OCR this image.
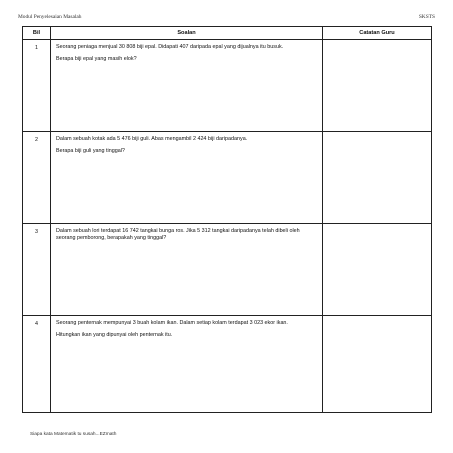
Modul Penyelesaian Masalah	SKSTS
Bil	Soalan	Catatan Guru
1	Seorang peniaga menjual 30 808 biji epal. Didapati 407 daripada epal yang dijualnya itu busuk.

Berapa biji epal yang masih elok?	

2	Dalam sebuah kotak ada 5 476 biji guli. Abas mengambil 2 424 biji daripadanya.

Berapa biji guli yang tinggal?	

3	Dalam sebuah lori terdapat 16 742 tangkai bunga ros. Jika 5 312 tangkai daripadanya telah dibeli oleh seorang pemborong, berapakah yang tinggal?	

4	Seorang penternak mempunyai 3 buah kolam ikan. Dalam setiap kolam terdapat 3 023 ekor ikan.

Hitungkan ikan yang dipunyai oleh penternak itu.	

Siapa kata Matematik tu susah...EZmath
